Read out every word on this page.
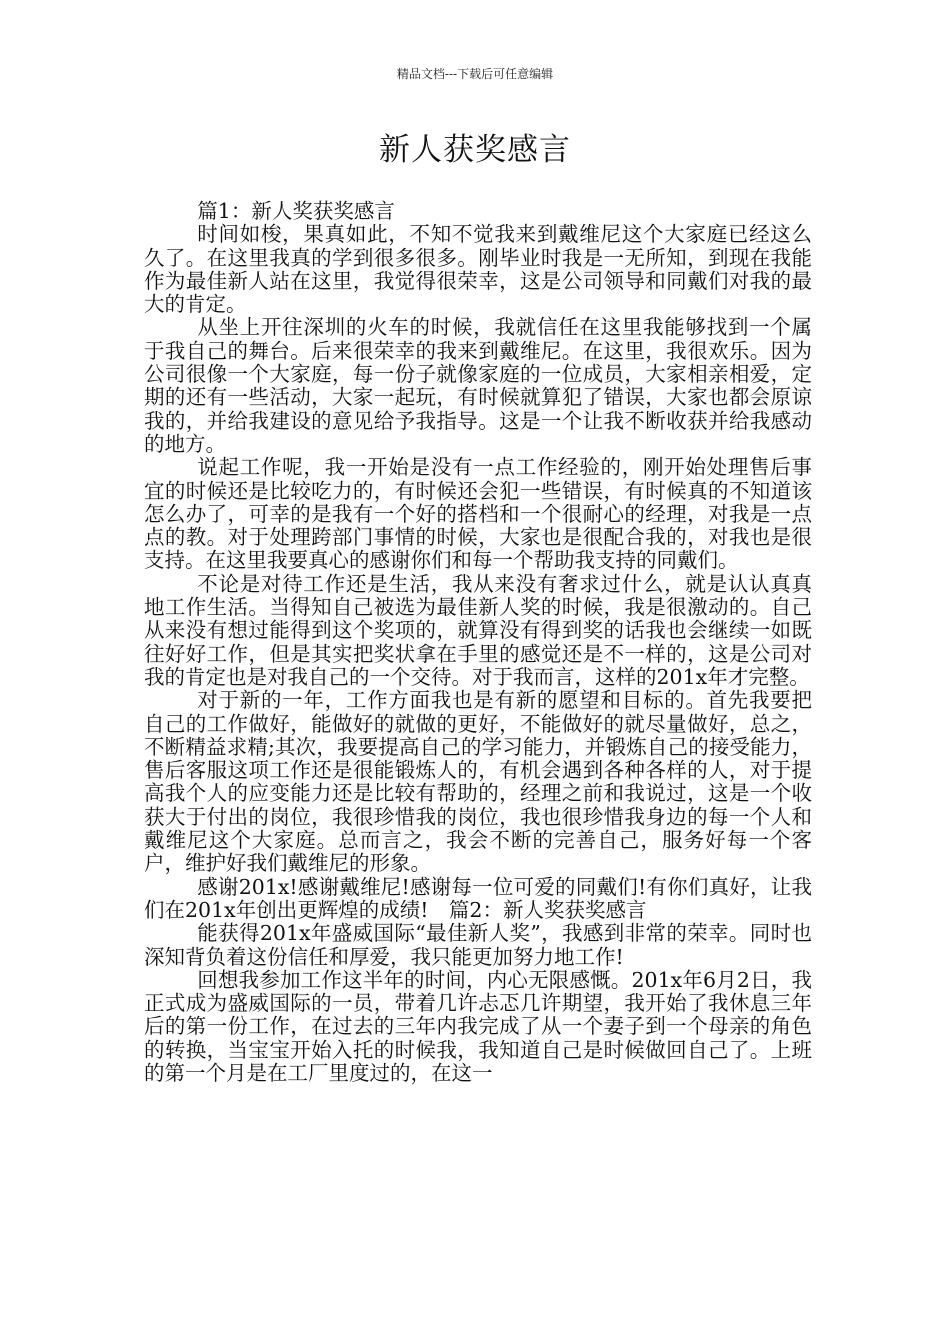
精品文档---下载后可任意编辑
新人获奖感言

篇1：新人奖获奖感言

时间如梭，果真如此，不知不觉我来到戴维尼这个大家庭已经这么久了。在这里我真的学到很多很多。刚毕业时我是一无所知，到现在我能作为最佳新人站在这里，我觉得很荣幸，这是公司领导和同戴们对我的最大的肯定。

从坐上开往深圳的火车的时候，我就信任在这里我能够找到一个属于我自己的舞台。后来很荣幸的我来到戴维尼。在这里，我很欢乐。因为公司很像一个大家庭，每一份子就像家庭的一位成员，大家相亲相爱，定期的还有一些活动，大家一起玩，有时候就算犯了错误，大家也都会原谅我的，并给我建设的意见给予我指导。这是一个让我不断收获并给我感动的地方。

说起工作呢，我一开始是没有一点工作经验的，刚开始处理售后事宜的时候还是比较吃力的，有时候还会犯一些错误，有时候真的不知道该怎么办了，可幸的是我有一个好的搭档和一个很耐心的经理，对我是一点点的教。对于处理跨部门事情的时候，大家也是很配合我的，对我也是很支持。在这里我要真心的感谢你们和每一个帮助我支持的同戴们。

不论是对待工作还是生活，我从来没有奢求过什么，就是认认真真地工作生活。当得知自己被选为最佳新人奖的时候，我是很激动的。自己从来没有想过能得到这个奖项的，就算没有得到奖的话我也会继续一如既往好好工作，但是其实把奖状拿在手里的感觉还是不一样的，这是公司对我的肯定也是对我自己的一个交待。对于我而言，这样的201x年才完整。

对于新的一年，工作方面我也是有新的愿望和目标的。首先我要把自己的工作做好，能做好的就做的更好，不能做好的就尽量做好，总之，不断精益求精;其次，我要提高自己的学习能力，并锻炼自己的接受能力，售后客服这项工作还是很能锻炼人的，有机会遇到各种各样的人，对于提高我个人的应变能力还是比较有帮助的，经理之前和我说过，这是一个收获大于付出的岗位，我很珍惜我的岗位，我也很珍惜我身边的每一个人和戴维尼这个大家庭。总而言之，我会不断的完善自己，服务好每一个客户，维护好我们戴维尼的形象。

感谢201x!感谢戴维尼!感谢每一位可爱的同戴们!有你们真好，让我们在201x年创出更辉煌的成绩!　篇2：新人奖获奖感言

能获得201x年盛威国际“最佳新人奖”，我感到非常的荣幸。同时也深知背负着这份信任和厚爱，我只能更加努力地工作!

回想我参加工作这半年的时间，内心无限感慨。201x年6月2日，我正式成为盛威国际的一员，带着几许忐忑几许期望，我开始了我休息三年后的第一份工作，在过去的三年内我完成了从一个妻子到一个母亲的角色的转换，当宝宝开始入托的时候我，我知道自己是时候做回自己了。上班的第一个月是在工厂里度过的，在这一
